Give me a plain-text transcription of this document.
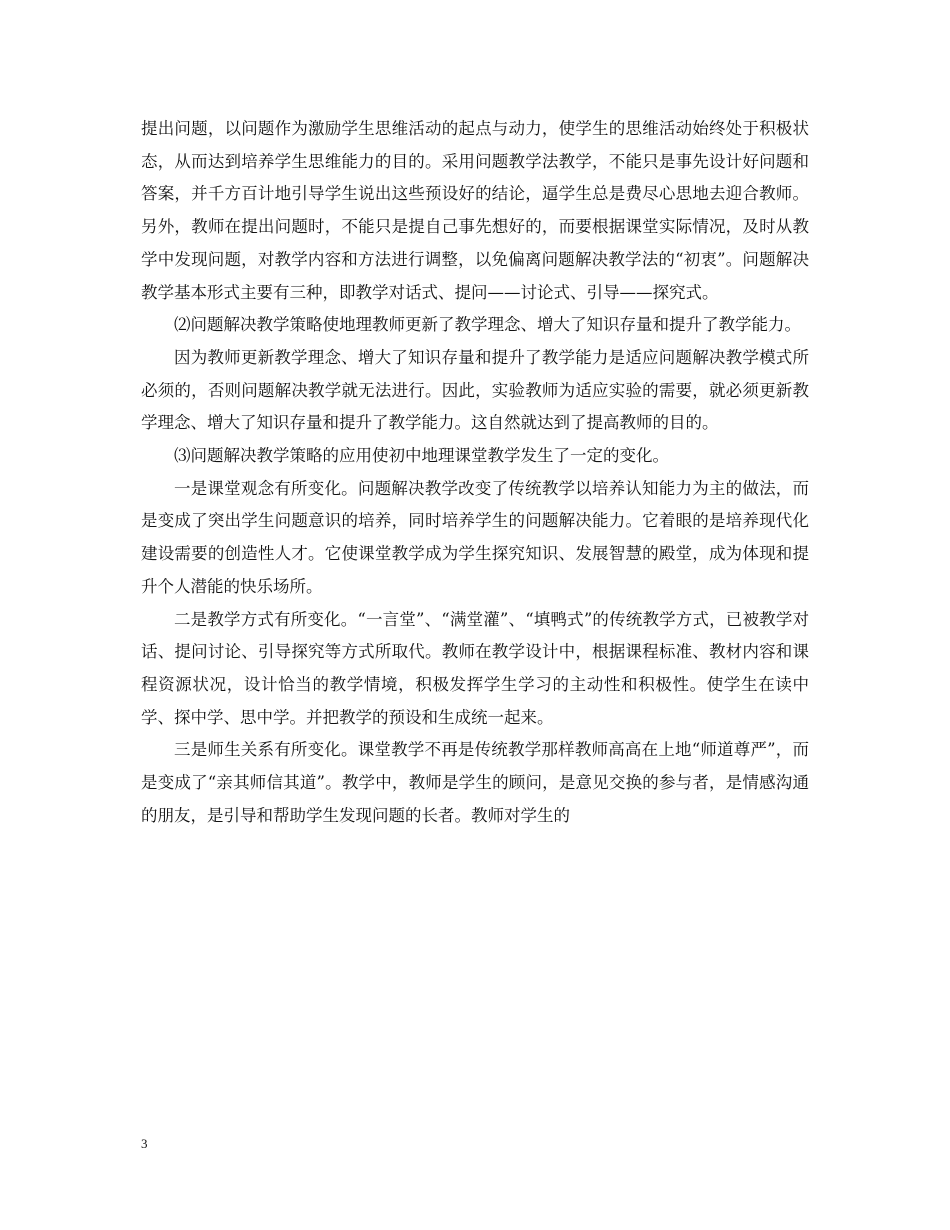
提出问题，以问题作为激励学生思维活动的起点与动力，使学生的思维活动始终处于积极状态，从而达到培养学生思维能力的目的。采用问题教学法教学，不能只是事先设计好问题和答案，并千方百计地引导学生说出这些预设好的结论，逼学生总是费尽心思地去迎合教师。另外，教师在提出问题时，不能只是提自己事先想好的，而要根据课堂实际情况，及时从教学中发现问题，对教学内容和方法进行调整，以免偏离问题解决教学法的“初衷”。问题解决教学基本形式主要有三种，即教学对话式、提问——讨论式、引导——探究式。

⑵问题解决教学策略使地理教师更新了教学理念、增大了知识存量和提升了教学能力。

因为教师更新教学理念、增大了知识存量和提升了教学能力是适应问题解决教学模式所必须的，否则问题解决教学就无法进行。因此，实验教师为适应实验的需要，就必须更新教学理念、增大了知识存量和提升了教学能力。这自然就达到了提高教师的目的。

⑶问题解决教学策略的应用使初中地理课堂教学发生了一定的变化。

一是课堂观念有所变化。问题解决教学改变了传统教学以培养认知能力为主的做法，而是变成了突出学生问题意识的培养，同时培养学生的问题解决能力。它着眼的是培养现代化建设需要的创造性人才。它使课堂教学成为学生探究知识、发展智慧的殿堂，成为体现和提升个人潜能的快乐场所。

二是教学方式有所变化。“一言堂”、“满堂灌”、“填鸭式”的传统教学方式，已被教学对话、提问讨论、引导探究等方式所取代。教师在教学设计中，根据课程标准、教材内容和课程资源状况，设计恰当的教学情境，积极发挥学生学习的主动性和积极性。使学生在读中学、探中学、思中学。并把教学的预设和生成统一起来。

三是师生关系有所变化。课堂教学不再是传统教学那样教师高高在上地“师道尊严”，而是变成了“亲其师信其道”。教学中，教师是学生的顾问，是意见交换的参与者，是情感沟通的朋友，是引导和帮助学生发现问题的长者。教师对学生的

3
